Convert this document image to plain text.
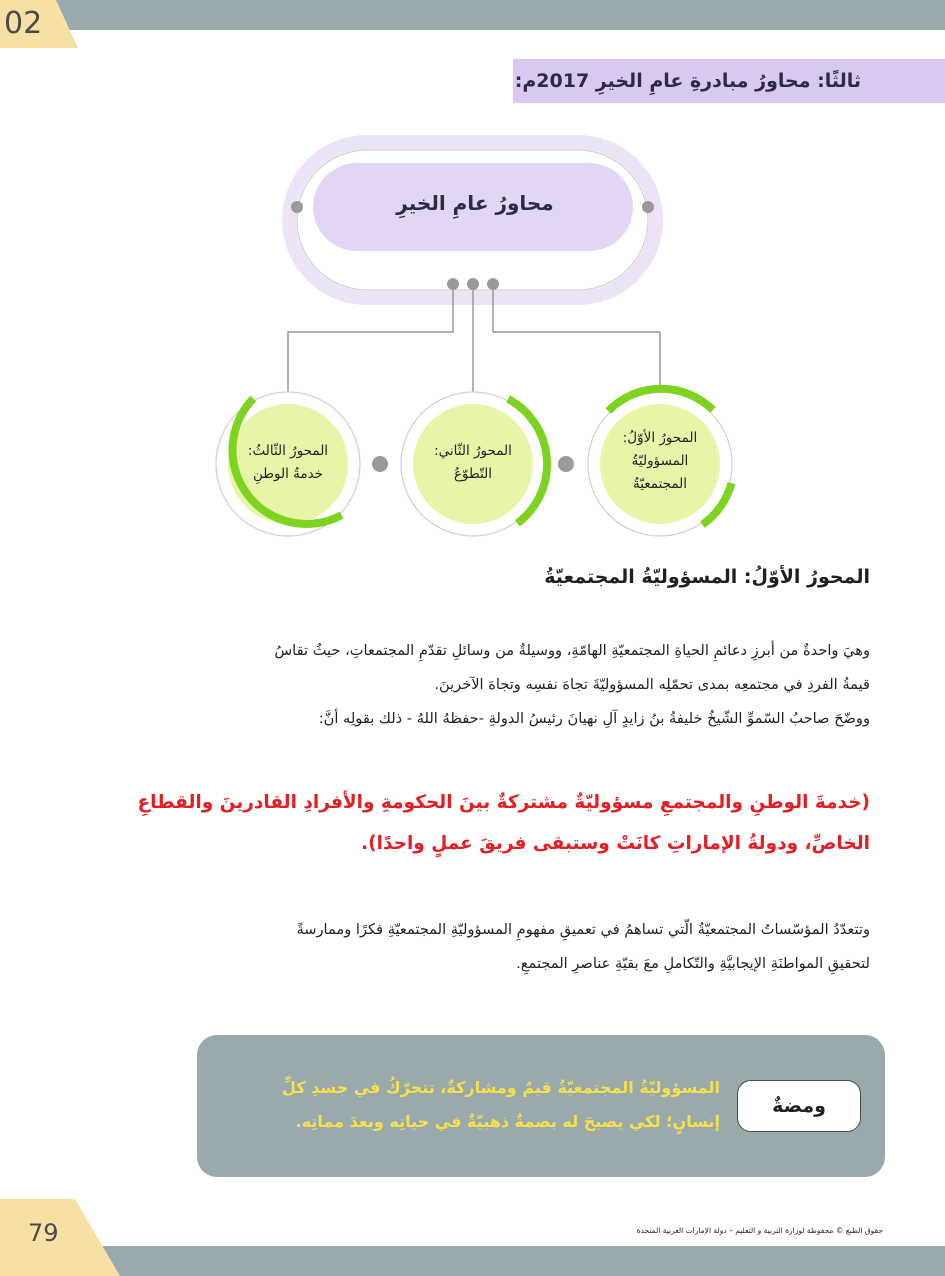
02
ثالثًا: محاورُ مبادرةِ عامِ الخيرِ 2017م:
محاورُ عامِ الخيرِ
المحورُ الأوّلُ:
المسؤوليّةُ
المجتمعيّةُ
المحورُ الثّاني:
التّطوّعُ
المحورُ الثّالثُ:
خدمةُ الوطنِ
المحورُ الأوّلُ: المسؤوليّةُ المجتمعيّةُ
وهيَ واحدةٌ من أبرزِ دعائمِ الحياةِ المجتمعيّةِ الهامّةِ، ووسيلةٌ من وسائلِ تقدّمِ المجتمعاتِ، حيثُ تقاسُ
قيمةُ الفردِ في مجتمعِه بمدى تحمّلِه المسؤوليّةَ تجاهَ نفسِه وتجاهَ الآخرينَ.
ووضّحَ صاحبُ السّموِّ الشّيخُ خليفةُ بنُ زايدٍ آلِ نهيانَ رئيسُ الدولةِ -حفظهُ اللهُ - ذلك بقولِه أنَّ:
(خدمةَ الوطنِ والمجتمعِ مسؤوليّةٌ مشتركةٌ بينَ الحكومةِ والأفرادِ القادرينَ والقطاعِ
الخاصِّ، ودولةُ الإماراتِ كانَتْ وستبقى فريقَ عملٍ واحدًا).
وتتعدّدُ المؤسّساتُ المجتمعيّةُ الّتي تساهمُ في تعميقِ مفهومِ المسؤوليّةِ المجتمعيّةِ فكرًا وممارسةً
لتحقيقِ المواطنَةِ الإيجابيَّةِ والتّكاملِ معَ بقيّةِ عناصرِ المجتمعِ.
ومضةٌ
المسؤوليّةُ المجتمعيّةُ قيمٌ ومشاركةٌ، تتحرّكُ في جسدِ كلِّ
إنسانٍ؛ لكي يصبحَ له بصمةٌ ذهبيّةٌ في حياتِه وبعدَ مماتِه.
79	حقوق الطبع © محفوظة لوزارة التربية و التعليم – دولة الإمارات العربية المتحدة
